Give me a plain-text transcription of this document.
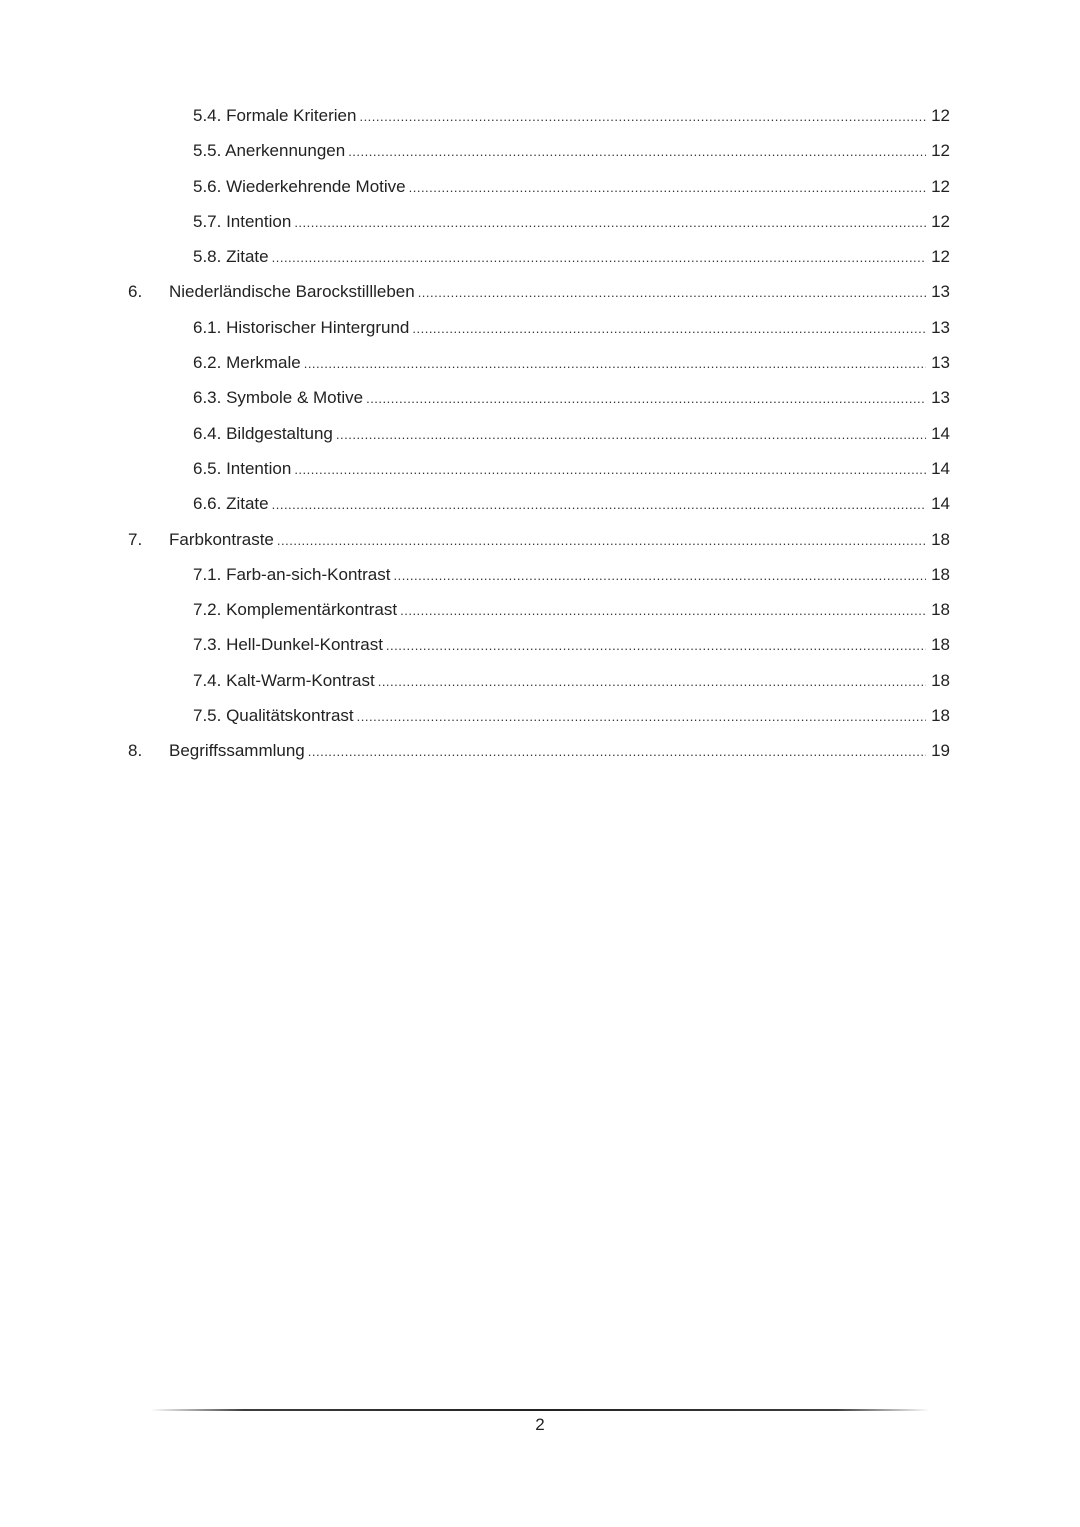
5.4. Formale Kriterien .....	12
5.5. Anerkennungen .....	12
5.6. Wiederkehrende Motive .....	12
5.7. Intention .....	12
5.8. Zitate .....	12
6.	Niederländische Barockstillleben .....	13
6.1. Historischer Hintergrund .....	13
6.2. Merkmale .....	13
6.3. Symbole & Motive .....	13
6.4. Bildgestaltung .....	14
6.5. Intention .....	14
6.6. Zitate .....	14
7.	Farbkontraste .....	18
7.1. Farb-an-sich-Kontrast .....	18
7.2. Komplementärkontrast .....	18
7.3. Hell-Dunkel-Kontrast .....	18
7.4. Kalt-Warm-Kontrast .....	18
7.5. Qualitätskontrast .....	18
8.	Begriffssammlung .....	19
2
